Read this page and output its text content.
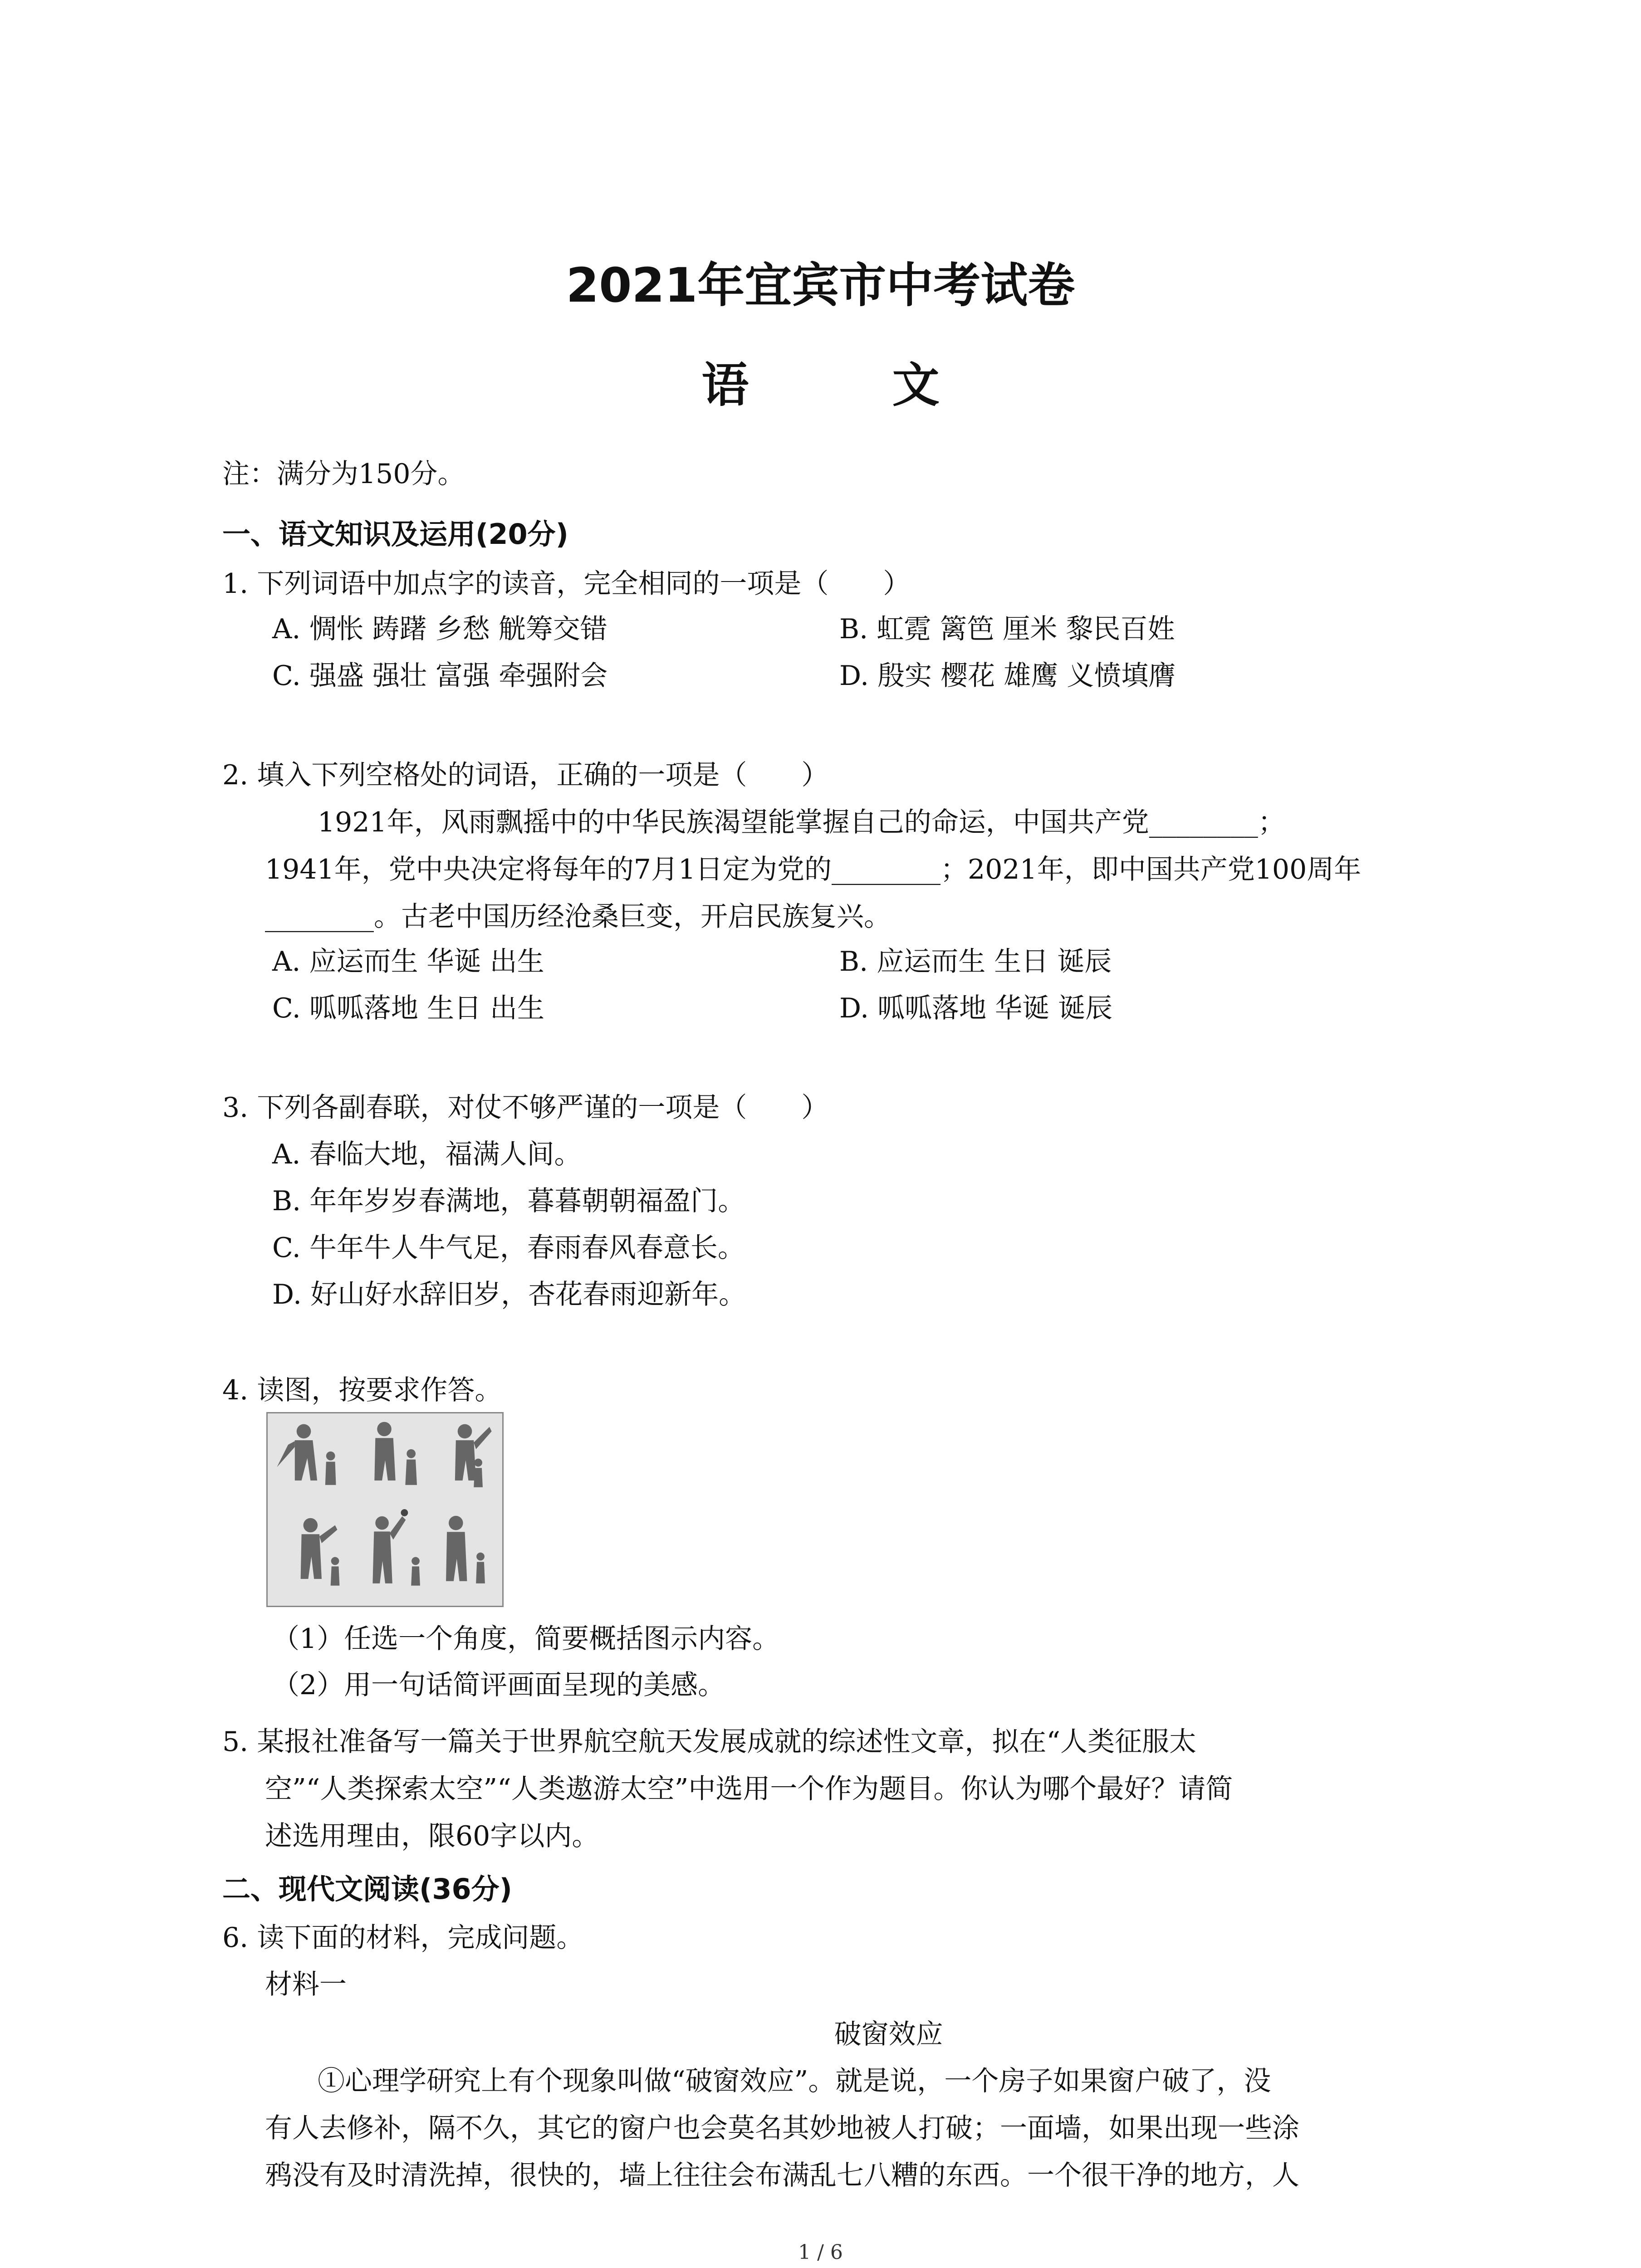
2021年宜宾市中考试卷
语 文
注：满分为150分。
一、语文知识及运用(20分)
1. 下列词语中加点字的读音，完全相同的一项是（　　）
A. 惆怅 踌躇 乡愁 觥筹交错	B. 虹霓 篱笆 厘米 黎民百姓
C. 强盛 强壮 富强 牵强附会	D. 殷实 樱花 雄鹰 义愤填膺
2. 填入下列空格处的词语，正确的一项是（　　）
1921年，风雨飘摇中的中华民族渴望能掌握自己的命运，中国共产党________；
1941年，党中央决定将每年的7月1日定为党的________；2021年，即中国共产党100周年
________。古老中国历经沧桑巨变，开启民族复兴。
A. 应运而生 华诞 出生	B. 应运而生 生日 诞辰
C. 呱呱落地 生日 出生	D. 呱呱落地 华诞 诞辰
3. 下列各副春联，对仗不够严谨的一项是（　　）
A. 春临大地，福满人间。
B. 年年岁岁春满地，暮暮朝朝福盈门。
C. 牛年牛人牛气足，春雨春风春意长。
D. 好山好水辞旧岁，杏花春雨迎新年。
4. 读图，按要求作答。
（1）任选一个角度，简要概括图示内容。
（2）用一句话简评画面呈现的美感。
5. 某报社准备写一篇关于世界航空航天发展成就的综述性文章，拟在“人类征服太
空”“人类探索太空”“人类遨游太空”中选用一个作为题目。你认为哪个最好？请简
述选用理由，限60字以内。
二、现代文阅读(36分)
6. 读下面的材料，完成问题。
材料一
破窗效应
①心理学研究上有个现象叫做“破窗效应”。就是说，一个房子如果窗户破了，没
有人去修补，隔不久，其它的窗户也会莫名其妙地被人打破；一面墙，如果出现一些涂
鸦没有及时清洗掉，很快的，墙上往往会布满乱七八糟的东西。一个很干净的地方，人
1 / 6
